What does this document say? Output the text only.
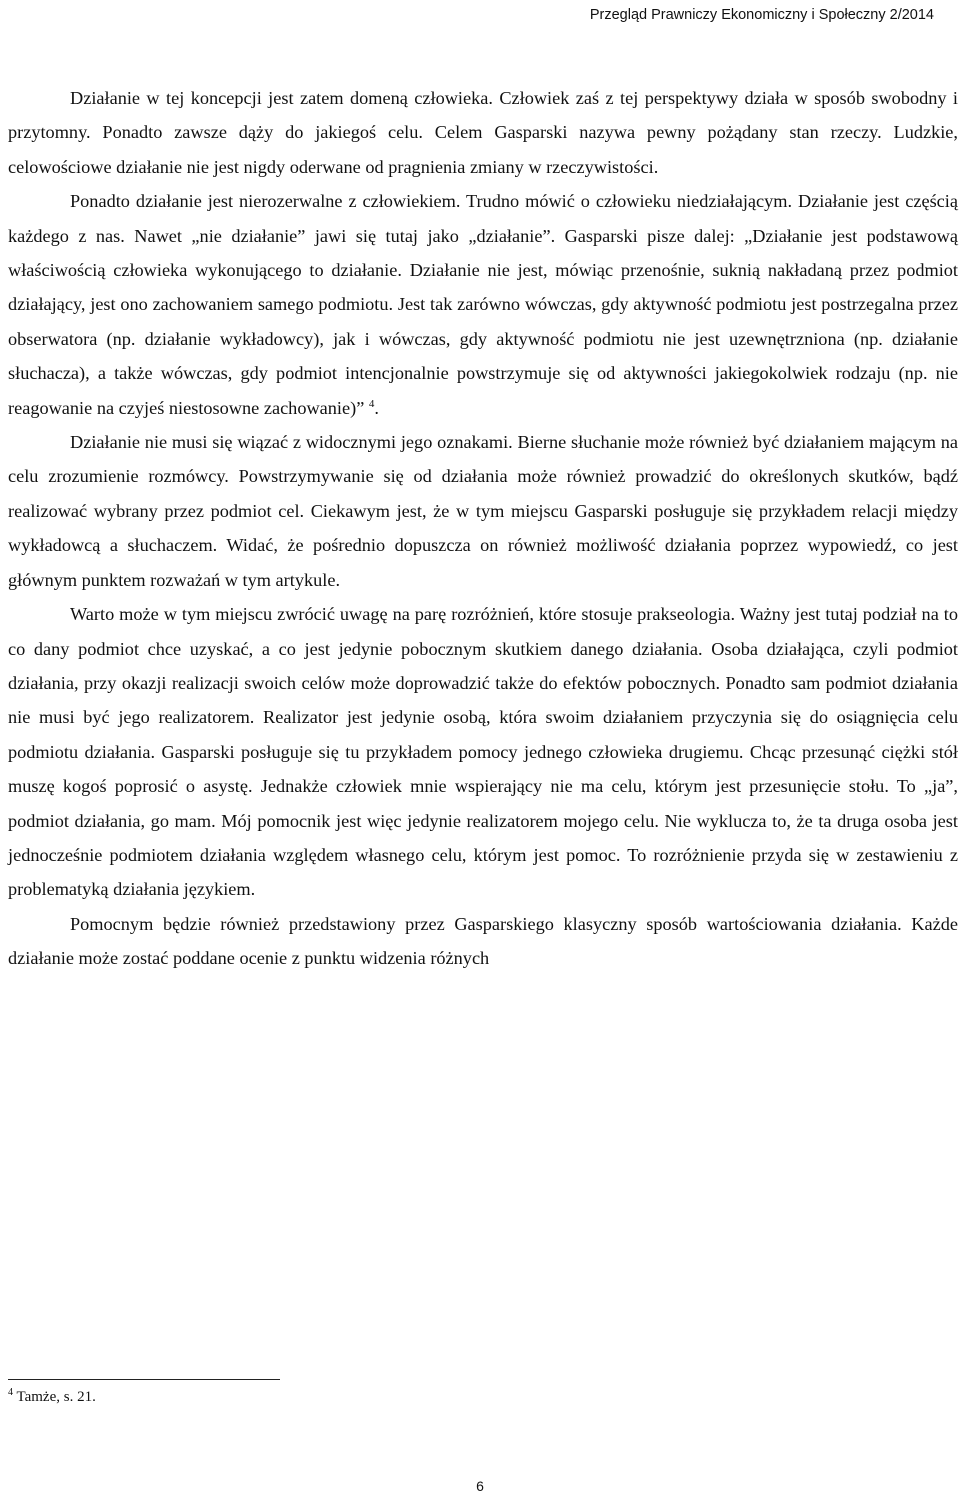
Przegląd Prawniczy Ekonomiczny i Społeczny 2/2014

Działanie w tej koncepcji jest zatem domeną człowieka. Człowiek zaś z tej perspektywy działa w sposób swobodny i przytomny. Ponadto zawsze dąży do jakiegoś celu. Celem Gasparski nazywa pewny pożądany stan rzeczy. Ludzkie, celowościowe działanie nie jest nigdy oderwane od pragnienia zmiany w rzeczywistości.

Ponadto działanie jest nierozerwalne z człowiekiem. Trudno mówić o człowieku niedziałającym. Działanie jest częścią każdego z nas. Nawet „nie działanie” jawi się tutaj jako „działanie”. Gasparski pisze dalej: „Działanie jest podstawową właściwością człowieka wykonującego to działanie. Działanie nie jest, mówiąc przenośnie, suknią nakładaną przez podmiot działający, jest ono zachowaniem samego podmiotu. Jest tak zarówno wówczas, gdy aktywność podmiotu jest postrzegalna przez obserwatora (np. działanie wykładowcy), jak i wówczas, gdy aktywność podmiotu nie jest uzewnętrzniona (np. działanie słuchacza), a także wówczas, gdy podmiot intencjonalnie powstrzymuje się od aktywności jakiegokolwiek rodzaju (np. nie reagowanie na czyjeś niestosowne zachowanie)” $^4$.

Działanie nie musi się wiązać z widocznymi jego oznakami. Bierne słuchanie może również być działaniem mającym na celu zrozumienie rozmówcy. Powstrzymywanie się od działania może również prowadzić do określonych skutków, bądź realizować wybrany przez podmiot cel. Ciekawym jest, że w tym miejscu Gasparski posługuje się przykładem relacji między wykładowcą a słuchaczem. Widać, że pośrednio dopuszcza on również możliwość działania poprzez wypowiedź, co jest głównym punktem rozważań w tym artykule.

Warto może w tym miejscu zwrócić uwagę na parę rozróżnień, które stosuje prakseologia. Ważny jest tutaj podział na to co dany podmiot chce uzyskać, a co jest jedynie pobocznym skutkiem danego działania. Osoba działająca, czyli podmiot działania, przy okazji realizacji swoich celów może doprowadzić także do efektów pobocznych. Ponadto sam podmiot działania nie musi być jego realizatorem. Realizator jest jedynie osobą, która swoim działaniem przyczynia się do osiągnięcia celu podmiotu działania. Gasparski posługuje się tu przykładem pomocy jednego człowieka drugiemu. Chcąc przesunąć ciężki stół muszę kogoś poprosić o asystę. Jednakże człowiek mnie wspierający nie ma celu, którym jest przesunięcie stołu. To „ja”, podmiot działania, go mam. Mój pomocnik jest więc jedynie realizatorem mojego celu. Nie wyklucza to, że ta druga osoba jest jednocześnie podmiotem działania względem własnego celu, którym jest pomoc. To rozróżnienie przyda się w zestawieniu z problematyką działania językiem.

Pomocnym będzie również przedstawiony przez Gasparskiego klasyczny sposób wartościowania działania. Każde działanie może zostać poddane ocenie z punktu widzenia różnych

$^4$ Tamże, s. 21.
6
